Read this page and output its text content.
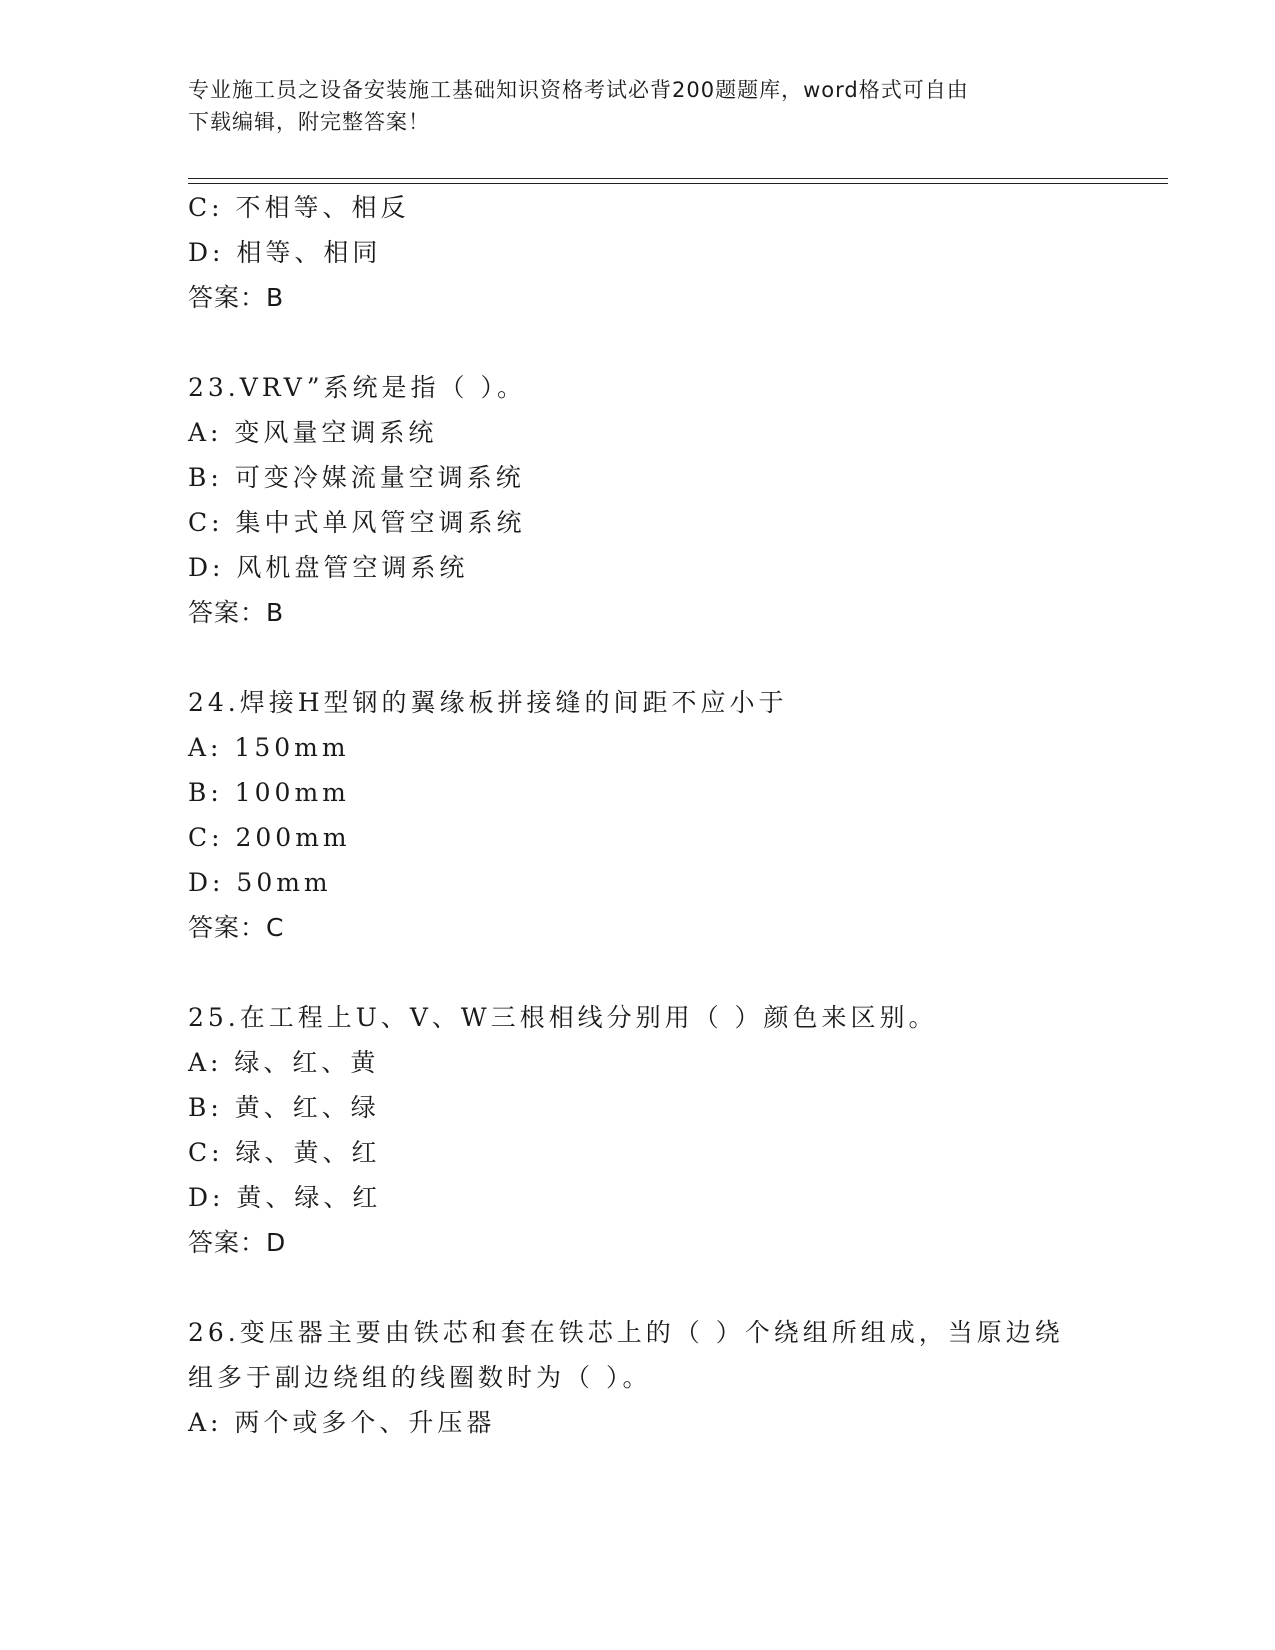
专业施工员之设备安装施工基础知识资格考试必背200题题库，word格式可自由
下载编辑，附完整答案！
C: 不相等、相反
D: 相等、相同
答案：B
23.VRV”系统是指（ ）。
A: 变风量空调系统
B: 可变冷媒流量空调系统
C: 集中式单风管空调系统
D: 风机盘管空调系统
答案：B
24.焊接H型钢的翼缘板拼接缝的间距不应小于
A: 150mm
B: 100mm
C: 200mm
D: 50mm
答案：C
25.在工程上U、V、W三根相线分别用（ ）颜色来区别。
A: 绿、红、黄
B: 黄、红、绿
C: 绿、黄、红
D: 黄、绿、红
答案：D
26.变压器主要由铁芯和套在铁芯上的（ ）个绕组所组成，当原边绕
组多于副边绕组的线圈数时为（ ）。
A: 两个或多个、升压器
